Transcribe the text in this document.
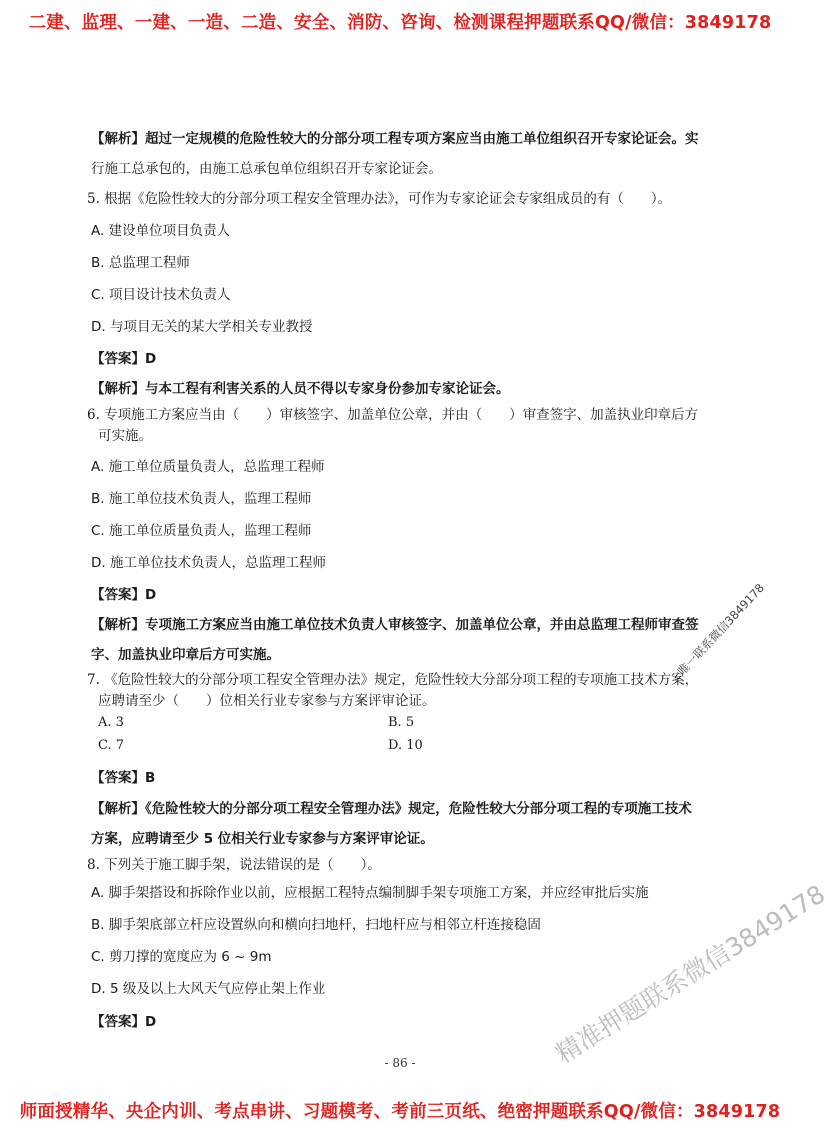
二建、监理、一建、一造、二造、安全、消防、咨询、检测课程押题联系QQ/微信：3849178
【解析】超过一定规模的危险性较大的分部分项工程专项方案应当由施工单位组织召开专家论证会。实
行施工总承包的，由施工总承包单位组织召开专家论证会。
5. 根据《危险性较大的分部分项工程安全管理办法》，可作为专家论证会专家组成员的有（　　）。
A. 建设单位项目负责人
B. 总监理工程师
C. 项目设计技术负责人
D. 与项目无关的某大学相关专业教授
【答案】D
【解析】与本工程有利害关系的人员不得以专家身份参加专家论证会。
6. 专项施工方案应当由（　　）审核签字、加盖单位公章，并由（　　）审查签字、加盖执业印章后方
可实施。
A. 施工单位质量负责人，总监理工程师
B. 施工单位技术负责人，监理工程师
C. 施工单位质量负责人，监理工程师
D. 施工单位技术负责人，总监理工程师
【答案】D
【解析】专项施工方案应当由施工单位技术负责人审核签字、加盖单位公章，并由总监理工程师审查签
字、加盖执业印章后方可实施。
7. 《危险性较大的分部分项工程安全管理办法》规定，危险性较大分部分项工程的专项施工技术方案，
应聘请至少（　　）位相关行业专家参与方案评审论证。
A. 3	B. 5
C. 7	D. 10
【答案】B
【解析】《危险性较大的分部分项工程安全管理办法》规定，危险性较大分部分项工程的专项施工技术
方案，应聘请至少 5 位相关行业专家参与方案评审论证。
8. 下列关于施工脚手架，说法错误的是（　　）。
A. 脚手架搭设和拆除作业以前，应根据工程特点编制脚手架专项施工方案，并应经审批后实施
B. 脚手架底部立杆应设置纵向和横向扫地杆，扫地杆应与相邻立杆连接稳固
C. 剪刀撑的宽度应为 6 ~ 9m
D. 5 级及以上大风天气应停止架上作业
【答案】D
唯一联系微信3849178
精准押题联系微信3849178
- 86 -
师面授精华、央企内训、考点串讲、习题模考、考前三页纸、绝密押题联系QQ/微信：3849178
